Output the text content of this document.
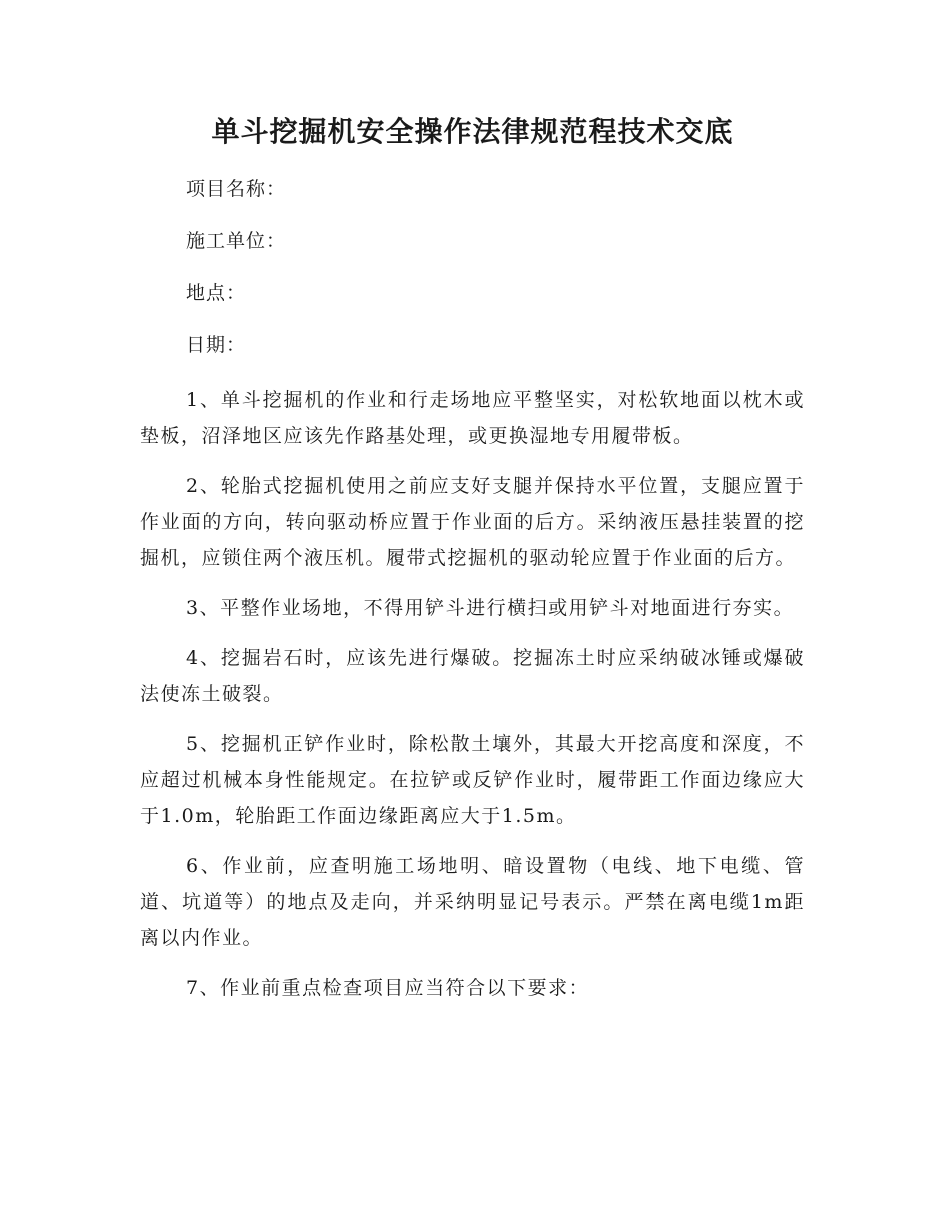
单斗挖掘机安全操作法律规范程技术交底

项目名称：

施工单位：

地点：

日期：

1、单斗挖掘机的作业和行走场地应平整坚实，对松软地面以枕木或垫板，沼泽地区应该先作路基处理，或更换湿地专用履带板。

2、轮胎式挖掘机使用之前应支好支腿并保持水平位置，支腿应置于作业面的方向，转向驱动桥应置于作业面的后方。采纳液压悬挂装置的挖掘机，应锁住两个液压机。履带式挖掘机的驱动轮应置于作业面的后方。

3、平整作业场地，不得用铲斗进行横扫或用铲斗对地面进行夯实。

4、挖掘岩石时，应该先进行爆破。挖掘冻土时应采纳破冰锤或爆破法使冻土破裂。

5、挖掘机正铲作业时，除松散土壤外，其最大开挖高度和深度，不应超过机械本身性能规定。在拉铲或反铲作业时，履带距工作面边缘应大于1.0m，轮胎距工作面边缘距离应大于1.5m。

6、作业前，应查明施工场地明、暗设置物（电线、地下电缆、管道、坑道等）的地点及走向，并采纳明显记号表示。严禁在离电缆1m距离以内作业。

7、作业前重点检查项目应当符合以下要求：
